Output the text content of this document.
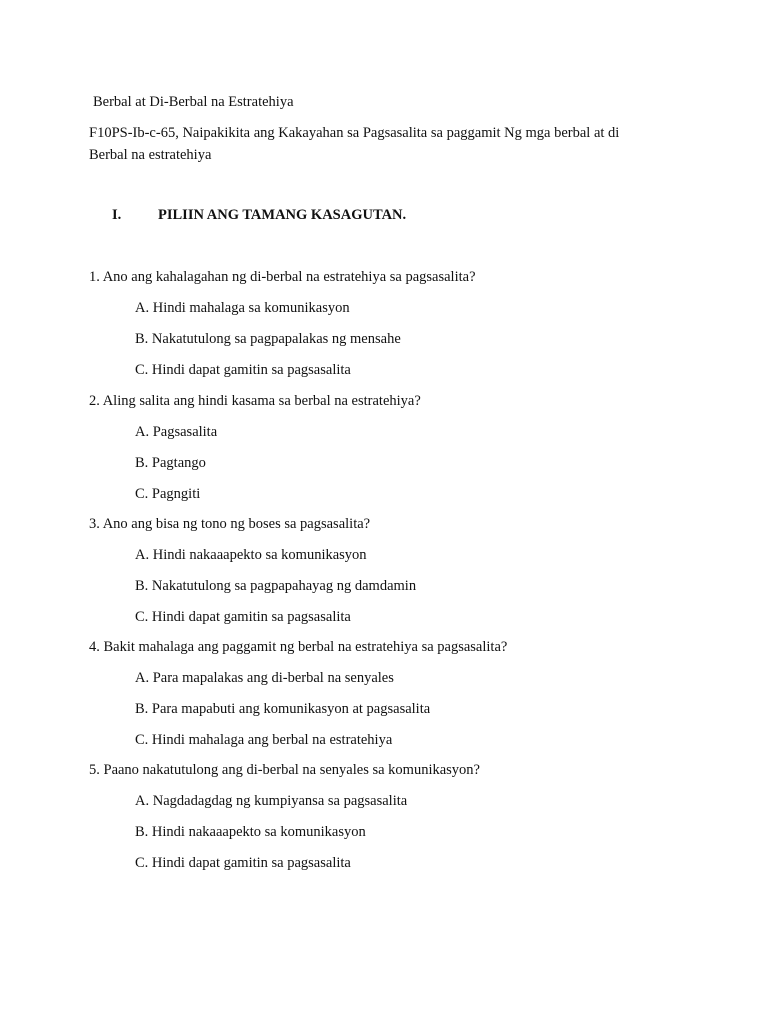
Berbal at Di-Berbal na Estratehiya
F10PS-Ib-c-65, Naipakikita ang Kakayahan sa Pagsasalita sa paggamit Ng mga berbal at di
Berbal na estratehiya
I.	PILIIN ANG TAMANG KASAGUTAN.
1. Ano ang kahalagahan ng di-berbal na estratehiya sa pagsasalita?
A. Hindi mahalaga sa komunikasyon
B. Nakatutulong sa pagpapalakas ng mensahe
C. Hindi dapat gamitin sa pagsasalita
2. Aling salita ang hindi kasama sa berbal na estratehiya?
A. Pagsasalita
B. Pagtango
C. Pagngiti
3. Ano ang bisa ng tono ng boses sa pagsasalita?
A. Hindi nakaaapekto sa komunikasyon
B. Nakatutulong sa pagpapahayag ng damdamin
C. Hindi dapat gamitin sa pagsasalita
4. Bakit mahalaga ang paggamit ng berbal na estratehiya sa pagsasalita?
A. Para mapalakas ang di-berbal na senyales
B. Para mapabuti ang komunikasyon at pagsasalita
C. Hindi mahalaga ang berbal na estratehiya
5. Paano nakatutulong ang di-berbal na senyales sa komunikasyon?
A. Nagdadagdag ng kumpiyansa sa pagsasalita
B. Hindi nakaaapekto sa komunikasyon
C. Hindi dapat gamitin sa pagsasalita
